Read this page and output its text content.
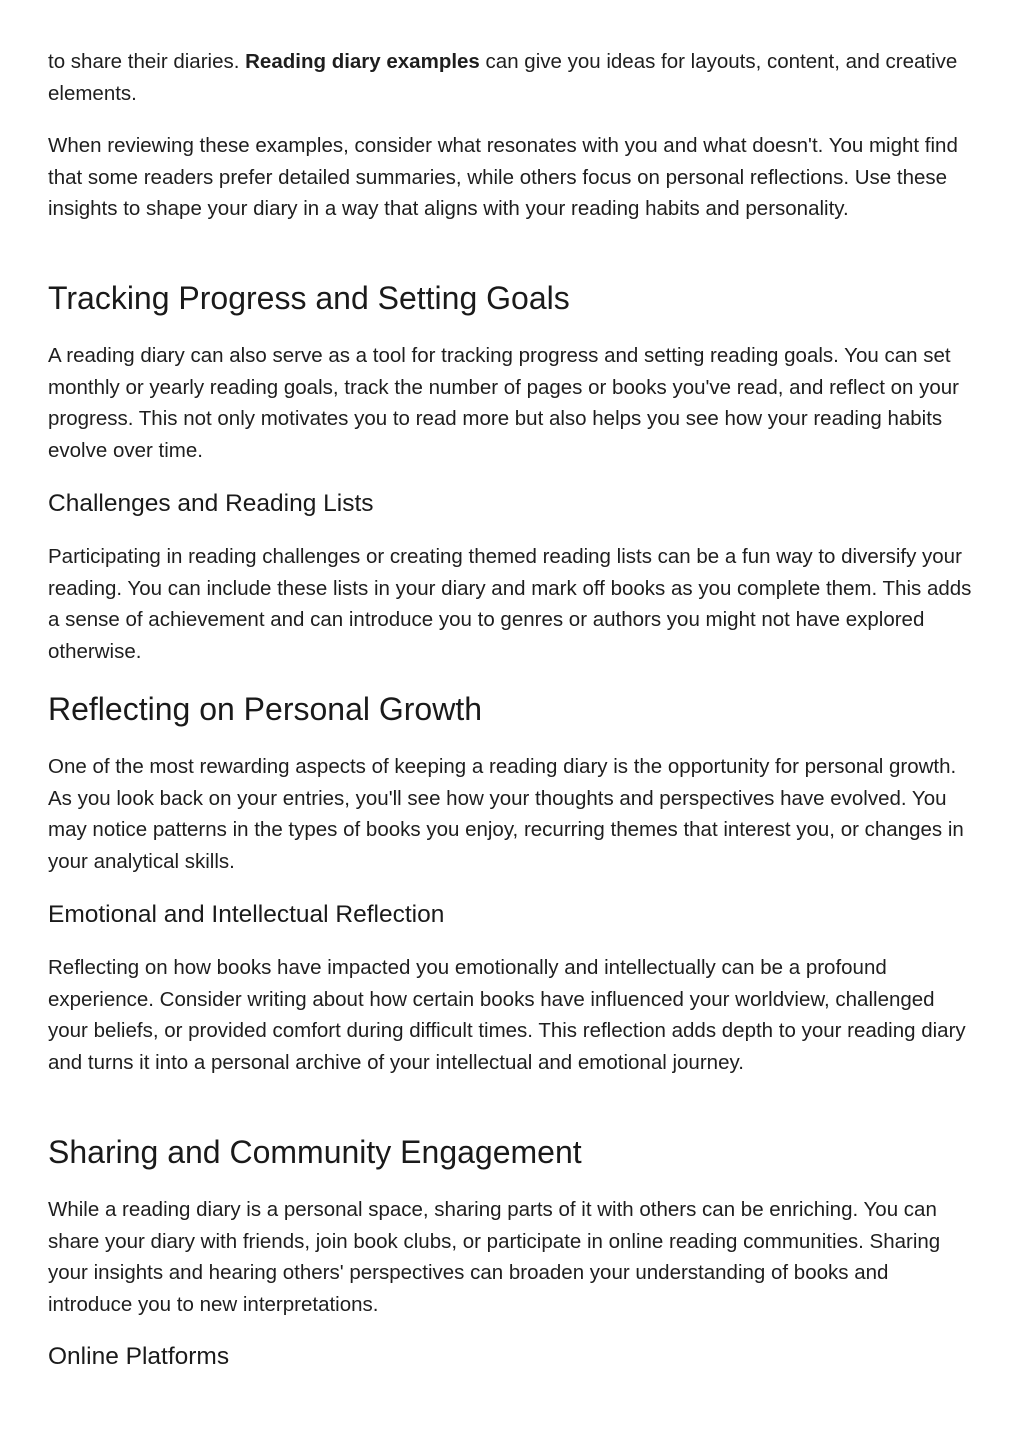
to share their diaries. Reading diary examples can give you ideas for layouts, content, and creative elements.

When reviewing these examples, consider what resonates with you and what doesn't. You might find that some readers prefer detailed summaries, while others focus on personal reflections. Use these insights to shape your diary in a way that aligns with your reading habits and personality.

Tracking Progress and Setting Goals

A reading diary can also serve as a tool for tracking progress and setting reading goals. You can set monthly or yearly reading goals, track the number of pages or books you've read, and reflect on your progress. This not only motivates you to read more but also helps you see how your reading habits evolve over time.

Challenges and Reading Lists

Participating in reading challenges or creating themed reading lists can be a fun way to diversify your reading. You can include these lists in your diary and mark off books as you complete them. This adds a sense of achievement and can introduce you to genres or authors you might not have explored otherwise.

Reflecting on Personal Growth

One of the most rewarding aspects of keeping a reading diary is the opportunity for personal growth. As you look back on your entries, you'll see how your thoughts and perspectives have evolved. You may notice patterns in the types of books you enjoy, recurring themes that interest you, or changes in your analytical skills.

Emotional and Intellectual Reflection

Reflecting on how books have impacted you emotionally and intellectually can be a profound experience. Consider writing about how certain books have influenced your worldview, challenged your beliefs, or provided comfort during difficult times. This reflection adds depth to your reading diary and turns it into a personal archive of your intellectual and emotional journey.

Sharing and Community Engagement

While a reading diary is a personal space, sharing parts of it with others can be enriching. You can share your diary with friends, join book clubs, or participate in online reading communities. Sharing your insights and hearing others' perspectives can broaden your understanding of books and introduce you to new interpretations.

Online Platforms
